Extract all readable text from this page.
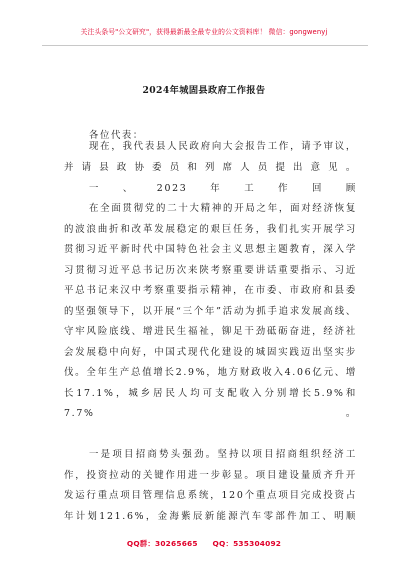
关注头条号"公文研究"，获得最新最全最专业的公文资料库！ 微信：gongwenyj
2024年城固县政府工作报告
各位代表：

现在，我代表县人民政府向大会报告工作，请予审议，并请县政协委员和列席人员提出意见。

一、2023年工作回顾

在全面贯彻党的二十大精神的开局之年，面对经济恢复的波浪曲折和改革发展稳定的艰巨任务，我们扎实开展学习贯彻习近平新时代中国特色社会主义思想主题教育，深入学习贯彻习近平总书记历次来陕考察重要讲话重要指示、习近平总书记来汉中考察重要指示精神，在市委、市政府和县委的坚强领导下，以开展“三个年”活动为抓手追求发展高线、守牢风险底线、增进民生福祉，铆足干劲砥砺奋进，经济社会发展稳中向好，中国式现代化建设的城固实践迈出坚实步伐。全年生产总值增长2.9%，地方财政收入4.06亿元、增长17.1%，城乡居民人均可支配收入分别增长5.9%和7.7%。

一是项目招商势头强劲。坚持以项目招商组织经济工作，投资拉动的关键作用进一步彰显。项目建设量质齐升开发运行重点项目管理信息系统，120个重点项目完成投资占年计划121.6%，金海紫辰新能源汽车零部件加工、明顺

QQ群：30265665 QQ：535304092
